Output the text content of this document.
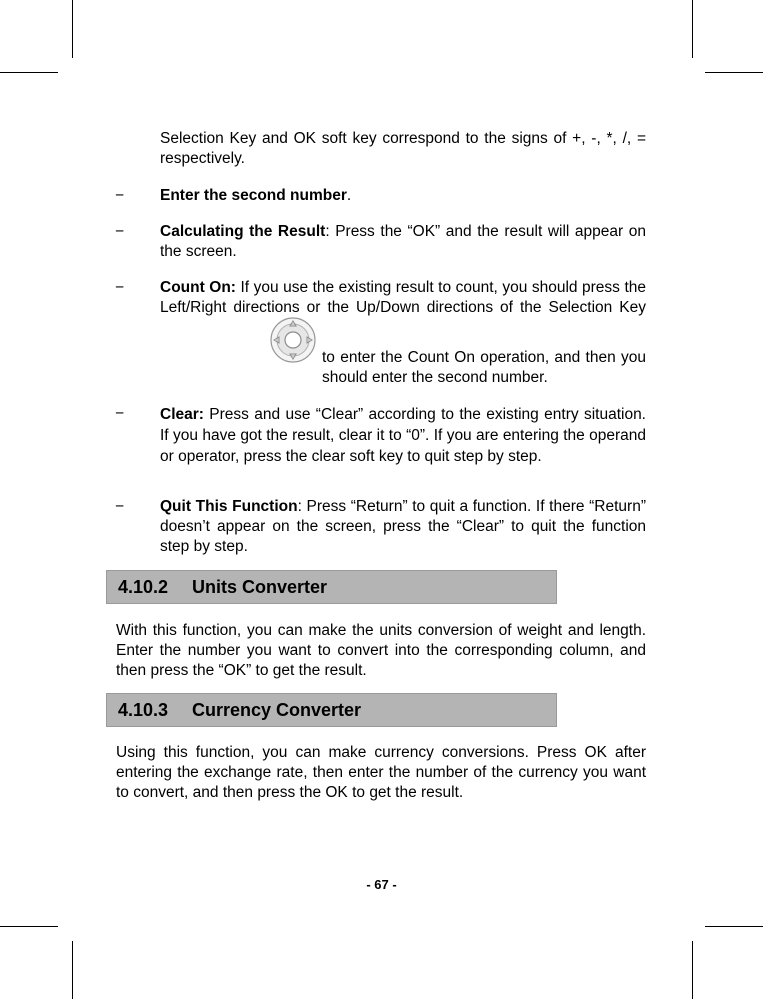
Selection Key and OK soft key correspond to the signs of +, -, *, /, = respectively.
− Enter the second number.
− Calculating the Result: Press the “OK” and the result will appear on the screen.
− Count On: If you use the existing result to count, you should press the Left/Right directions or the Up/Down directions of the Selection Key
to enter the Count On operation, and then you should enter the second number.
− Clear: Press and use “Clear” according to the existing entry situation. If you have got the result, clear it to “0”. If you are entering the operand or operator, press the clear soft key to quit step by step.
− Quit This Function: Press “Return” to quit a function. If there “Return” doesn’t appear on the screen, press the “Clear” to quit the function step by step.
4.10.2 Units Converter
With this function, you can make the units conversion of weight and length. Enter the number you want to convert into the corresponding column, and then press the “OK” to get the result.
4.10.3 Currency Converter
Using this function, you can make currency conversions. Press OK after entering the exchange rate, then enter the number of the currency you want to convert, and then press the OK to get the result.
- 67 -
